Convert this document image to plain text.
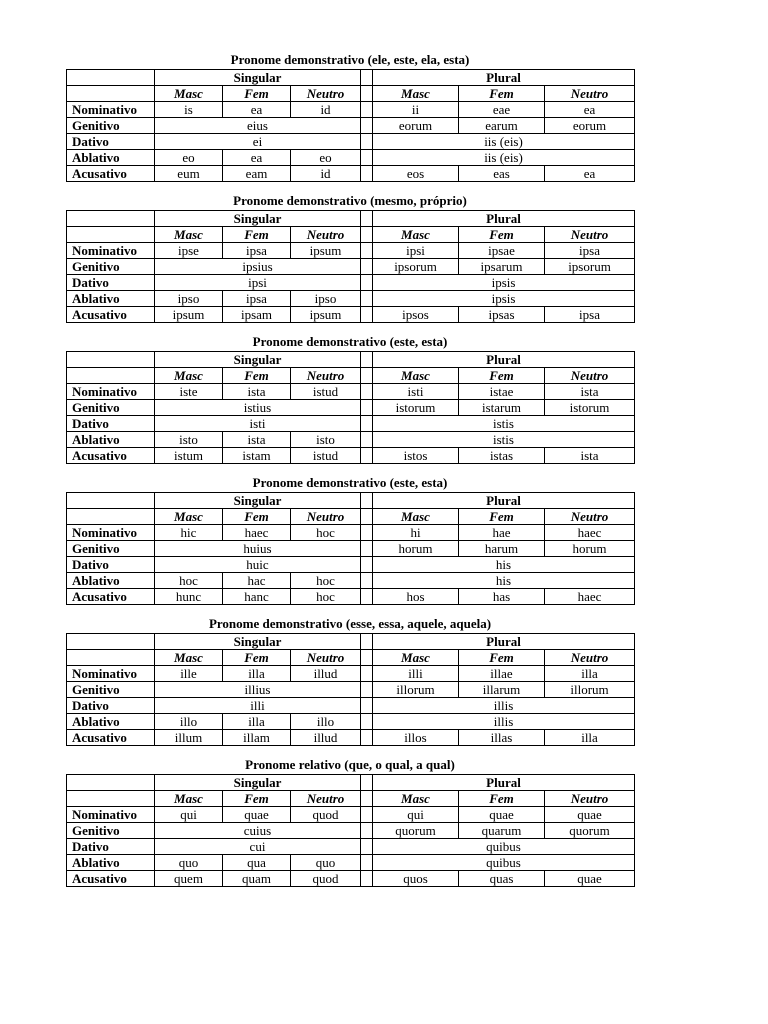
Pronome demonstrativo (ele, este, ela, esta)
	Singular				Plural		
	Masc	Fem	Neutro		Masc	Fem	Neutro
Nominativo	is	ea	id		ii	eae	ea
Genitivo	eius				eorum	earum	eorum
Dativo	ei				iis (eis)		
Ablativo	eo	ea	eo		iis (eis)		
Acusativo	eum	eam	id		eos	eas	ea
Pronome demonstrativo (mesmo, próprio)
	Singular				Plural		
	Masc	Fem	Neutro		Masc	Fem	Neutro
Nominativo	ipse	ipsa	ipsum		ipsi	ipsae	ipsa
Genitivo	ipsius				ipsorum	ipsarum	ipsorum
Dativo	ipsi				ipsis		
Ablativo	ipso	ipsa	ipso		ipsis		
Acusativo	ipsum	ipsam	ipsum		ipsos	ipsas	ipsa
Pronome demonstrativo (este, esta)
	Singular				Plural		
	Masc	Fem	Neutro		Masc	Fem	Neutro
Nominativo	iste	ista	istud		isti	istae	ista
Genitivo	istius				istorum	istarum	istorum
Dativo	isti				istis		
Ablativo	isto	ista	isto		istis		
Acusativo	istum	istam	istud		istos	istas	ista
Pronome demonstrativo (este, esta)
	Singular				Plural		
	Masc	Fem	Neutro		Masc	Fem	Neutro
Nominativo	hic	haec	hoc		hi	hae	haec
Genitivo	huius				horum	harum	horum
Dativo	huic				his		
Ablativo	hoc	hac	hoc		his		
Acusativo	hunc	hanc	hoc		hos	has	haec
Pronome demonstrativo (esse, essa, aquele, aquela)
	Singular				Plural		
	Masc	Fem	Neutro		Masc	Fem	Neutro
Nominativo	ille	illa	illud		illi	illae	illa
Genitivo	illius				illorum	illarum	illorum
Dativo	illi				illis		
Ablativo	illo	illa	illo		illis		
Acusativo	illum	illam	illud		illos	illas	illa
Pronome relativo (que, o qual, a qual)
	Singular				Plural		
	Masc	Fem	Neutro		Masc	Fem	Neutro
Nominativo	qui	quae	quod		qui	quae	quae
Genitivo	cuius				quorum	quarum	quorum
Dativo	cui				quibus		
Ablativo	quo	qua	quo		quibus		
Acusativo	quem	quam	quod		quos	quas	quae
